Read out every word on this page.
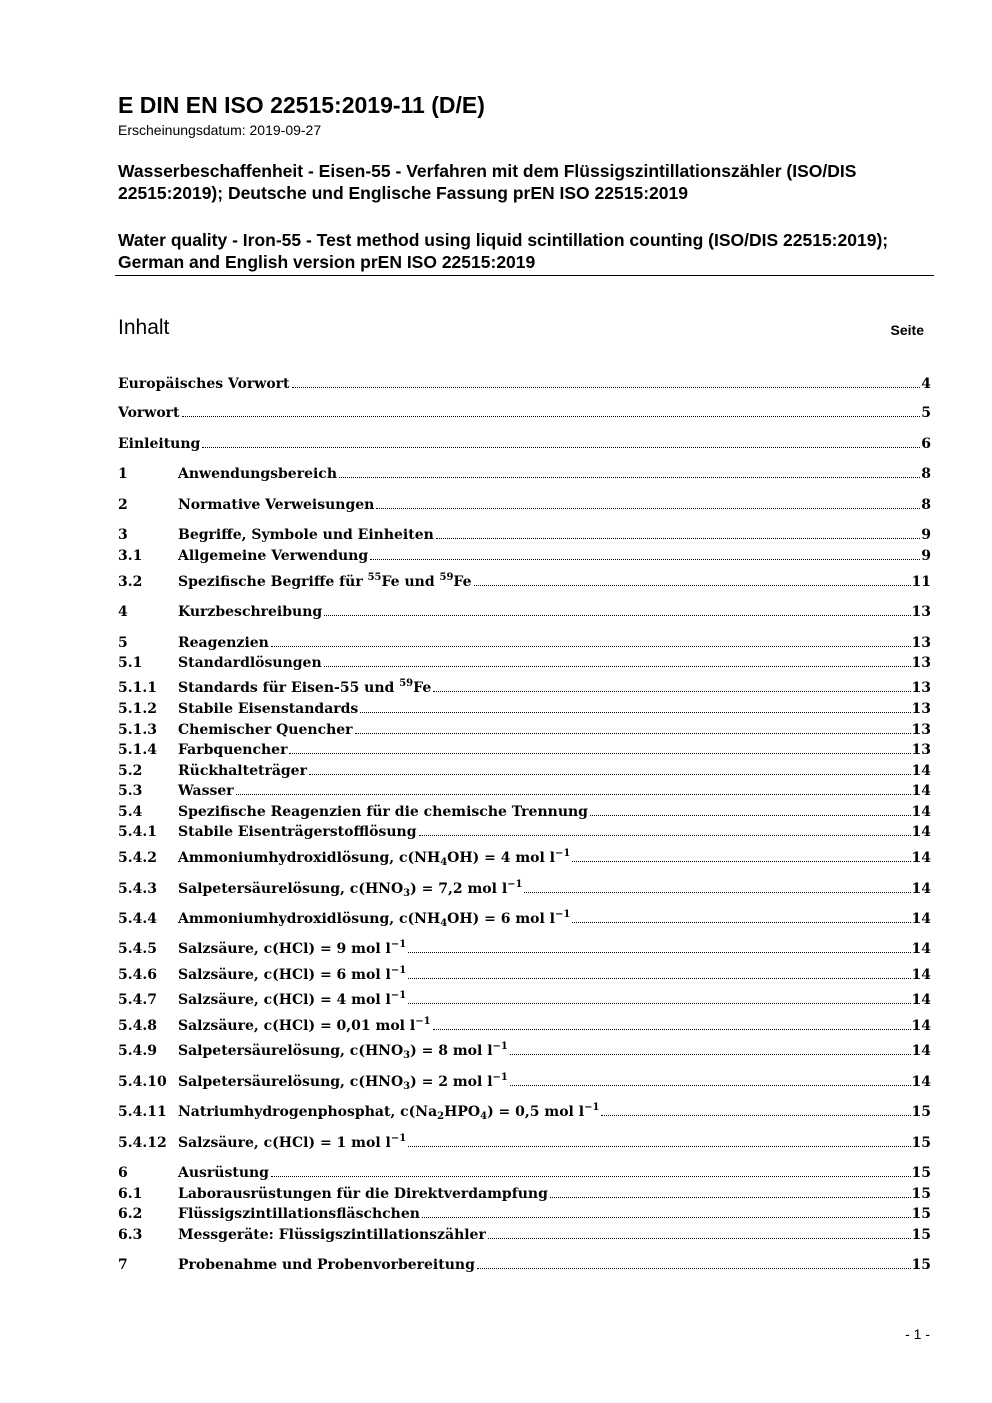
E DIN EN ISO 22515:2019-11 (D/E)
Erscheinungsdatum: 2019-09-27
Wasserbeschaffenheit - Eisen-55 - Verfahren mit dem Flüssigszintillationszähler (ISO/DIS 22515:2019); Deutsche und Englische Fassung prEN ISO 22515:2019
Water quality - Iron-55 - Test method using liquid scintillation counting (ISO/DIS 22515:2019); German and English version prEN ISO 22515:2019
Inhalt	Seite
Europäisches Vorwort	4
Vorwort	5
Einleitung	6
1	Anwendungsbereich	8
2	Normative Verweisungen	8
3	Begriffe, Symbole und Einheiten	9
3.1	Allgemeine Verwendung	9
3.2	Spezifische Begriffe für $^{55}$Fe und $^{59}$Fe	11
4	Kurzbeschreibung	13
5	Reagenzien	13
5.1	Standardlösungen	13
5.1.1	Standards für Eisen-55 und $^{59}$Fe	13
5.1.2	Stabile Eisenstandards	13
5.1.3	Chemischer Quencher	13
5.1.4	Farbquencher	13
5.2	Rückhalteträger	14
5.3	Wasser	14
5.4	Spezifische Reagenzien für die chemische Trennung	14
5.4.1	Stabile Eisenträgerstofflösung	14
5.4.2	Ammoniumhydroxidlösung, $c(NH_4OH) = 4$ mol $l^{-1}$	14
5.4.3	Salpetersäurelösung, $c(HNO_3) = 7,2$ mol $l^{-1}$	14
5.4.4	Ammoniumhydroxidlösung, $c(NH_4OH) = 6$ mol $l^{-1}$	14
5.4.5	Salzsäure, c(HCl) = 9 mol $l^{-1}$	14
5.4.6	Salzsäure, c(HCl) = 6 mol $l^{-1}$	14
5.4.7	Salzsäure, c(HCl) = 4 mol $l^{-1}$	14
5.4.8	Salzsäure, c(HCl) = 0,01 mol $l^{-1}$	14
5.4.9	Salpetersäurelösung, $c(HNO_3) = 8$ mol $l^{-1}$	14
5.4.10 Salpetersäurelösung, $c(HNO_3) = 2$ mol $l^{-1}$	14
5.4.11 Natriumhydrogenphosphat, $c(Na_2HPO_4) = 0,5$ mol $l^{-1}$	15
5.4.12 Salzsäure, c(HCl) = 1 mol $l^{-1}$	15
6	Ausrüstung	15
6.1	Laborausrüstungen für die Direktverdampfung	15
6.2	Flüssigszintillationsfläschchen	15
6.3	Messgeräte: Flüssigszintillationszähler	15
7	Probenahme und Probenvorbereitung	15
- 1 -
